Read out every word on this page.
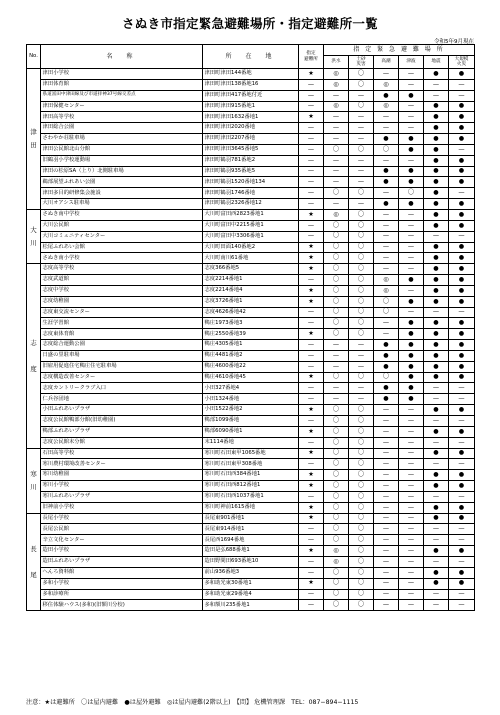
さぬき市指定緊急避難場所・指定避難所一覧
令和5年9月現在
No.	名　称	所　在　地	指定
避難所	指 定 緊 急 避 難 場 所					
				洪水	土砂
災害	高潮	津波	地震	大規模
火災
津

田	津田小学校	津田町津田144番地	★	◎	〇	—	—	●	●
	津田体育館	津田町津田138番地16	—	◎	〇	◎	—	—	—
	県道富田中津田線及び市道拝神37号線交差点	津田町津田417番地付近	—	—	—	●	●	—	—
	津田保健センター	津田町津田915番地1	—	◎	〇	◎	—	●	●
	津田高等学校	津田町津田1632番地1	★	—	—	—	—	●	●
	津田総合公園	津田町津田2020番地	—	—	—	—	—	●	●
	さわやか荘駐車場	津田町津田2207番地	—	—	—	●	●	●	●
	津田公民館北山分館	津田町津田3645番地5	—	〇	〇	〇	●	●	—
	旧鶴羽小学校運動場	津田町鶴羽781番地2	—	—	—	—	—	●	●
	津田の松原SA（上り）北側駐車場	津田町鶴羽935番地5	—	—	—	●	●	●	●
	鵜部展望ふれあい公園	津田町鶴羽1520番地134	—	—	—	●	●	●	●
	津田多目的研修集会施設	津田町鶴羽1746番地	—	〇	〇	—	〇	●	—
	大川オアシス駐車場	津田町鶴羽2326番地12	—	—	—	●	●	●	●
大

川	さぬき南中学校	大川町富田西2823番地1	★	◎	〇	—	—	●	●
	大川公民館	大川町富田中2215番地1	—	〇	〇	—	—	●	●
	大川コミュニティセンター	大川町富田中3306番地1	—	〇	〇	—	—	—	—
	松尾ふれあい会館	大川町田面140番地2	★	〇	〇	—	—	●	●
	さぬき南小学校	大川町南川61番地	★	〇	〇	—	—	●	●
志

度	志度高等学校	志度366番地5	★	〇	〇	—	—	●	●
	志度武道館	志度2214番地1	—	〇	〇	◎	●	●	●
	志度中学校	志度2214番地4	★	〇	〇	◎	—	●	●
	志度幼稚園	志度3726番地1	★	〇	〇	〇	●	●	●
	志度東交流センター	志度4626番地42	—	〇	〇	〇	—	—	—
	生涯学習館	鴨庄1973番地3	—	〇	〇	—	●	●	●
	志度東体育館	鴨庄2550番地39	★	〇	〇	—	●	●	●
	志度総合運動公園	鴨庄4305番地1	—	—	—	●	●	●	●
	日盛の里駐車場	鴨庄4481番地2	—	—	—	●	●	●	●
	旧雇用促進住宅鴨庄住宅駐車場	鴨庄4600番地22	—	—	—	●	●	●	●
	志度構造改善センター	鴨庄4610番地45	★	〇	〇	〇	●	●	●
	志度カントリークラブ入口	小田327番地4	—	—	—	●	●	—	—
	仁兵谷団地	小田1324番地	—	—	—	●	●	—	—
	小田ふれあいプラザ	小田1522番地2	★	〇	〇	—	—	●	●
	志度公民館鴨部分館(旧幼稚園)	鴨部1099番地	—	〇	〇	—	—	—	—
	鴨部ふれあいプラザ	鴨部6090番地1	★	〇	〇	—	—	●	●
	志度公民館末分館	末1114番地	—	〇	〇	—	—	—	—
寒

川	石田高等学校	寒川町石田東甲1065番地	★	〇	〇	—	—	●	●
	寒川農村環境改善センター	寒川町石田東甲308番地	—	〇	〇	—	—	—	—
	寒川幼稚園	寒川町石田西384番地1	★	〇	〇	—	—	●	●
	寒川小学校	寒川町石田西812番地1	★	〇	〇	—	—	●	●
	寒川ふれあいプラザ	寒川町石田西1037番地1	—	〇	〇	—	—	—	—
	旧神前小学校	寒川町神前1615番地	★	〇	〇	—	—	●	●
長

尾	長尾小学校	長尾東901番地1	★	〇	〇	—	—	●	●
	長尾公民館	長尾東914番地1	—	〇	〇	—	—	—	—
	辛立文化センター	長尾西1694番地	—	〇	〇	—	—	—	—
	造田小学校	造田是弘688番地1	★	◎	〇	—	—	●	●
	造田ふれあいプラザ	造田野間田693番地10	—	◎	〇	—	—	—	—
	へんろ資料館	前山936番地3	—	〇	〇	—	—	●	●
	多和小学校	多和助光東30番地1	★	〇	〇	—	—	●	●
	多和診療所	多和助光東29番地4	—	〇	〇	—	—	—	—
	移住体験ハウス(多和)(旧額川分校)	多和額川235番地1	—	〇	〇	—	—	—	—
注意：★は避難所　〇は屋内避難　●は屋外避難　◎は屋内避難(2階以上)　【問】 危機管理課　TEL：087−894−1115
